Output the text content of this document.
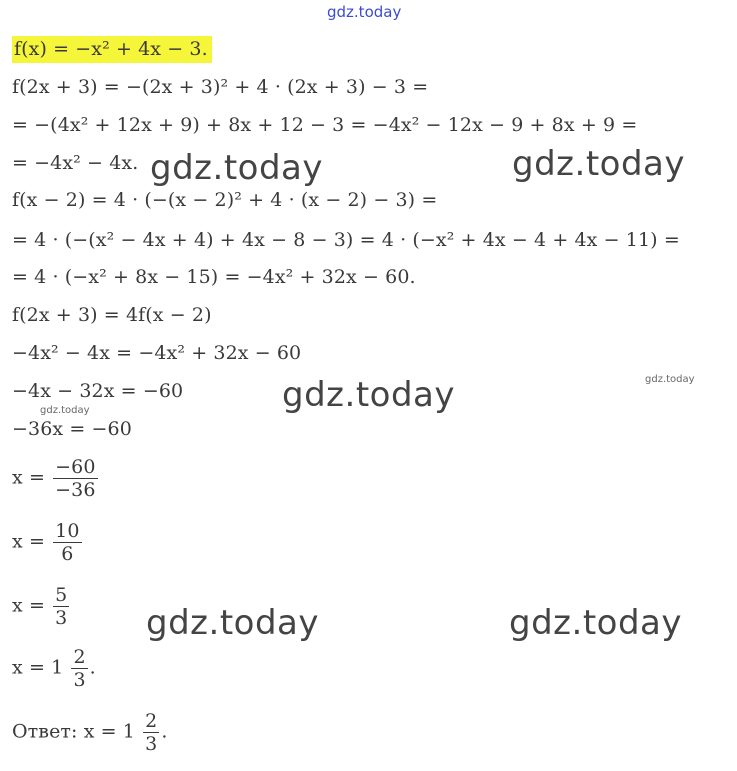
gdz.today
gdz.today	gdz.today
gdz.today
gdz.today	gdz.today
gdz.today
gdz.today
f(x) = −x² + 4x − 3.
f(2x + 3) = −(2x + 3)² + 4 · (2x + 3) − 3 =
= −(4x² + 12x + 9) + 8x + 12 − 3 = −4x² − 12x − 9 + 8x + 9 =
= −4x² − 4x.
f(x − 2) = 4 · (−(x − 2)² + 4 · (x − 2) − 3) =
= 4 · (−(x² − 4x + 4) + 4x − 8 − 3) = 4 · (−x² + 4x − 4 + 4x − 11) =
= 4 · (−x² + 8x − 15) = −4x² + 32x − 60.
f(2x + 3) = 4f(x − 2)
−4x² − 4x = −4x² + 32x − 60
−4x − 32x = −60
−36x = −60
$x = \frac{-60}{-36}$
$x = \frac{10}{6}$
$x = \frac{5}{3}$
$x = 1 \frac{2}{3}$ .
Ответ: $x = 1 \frac{2}{3}$ .
